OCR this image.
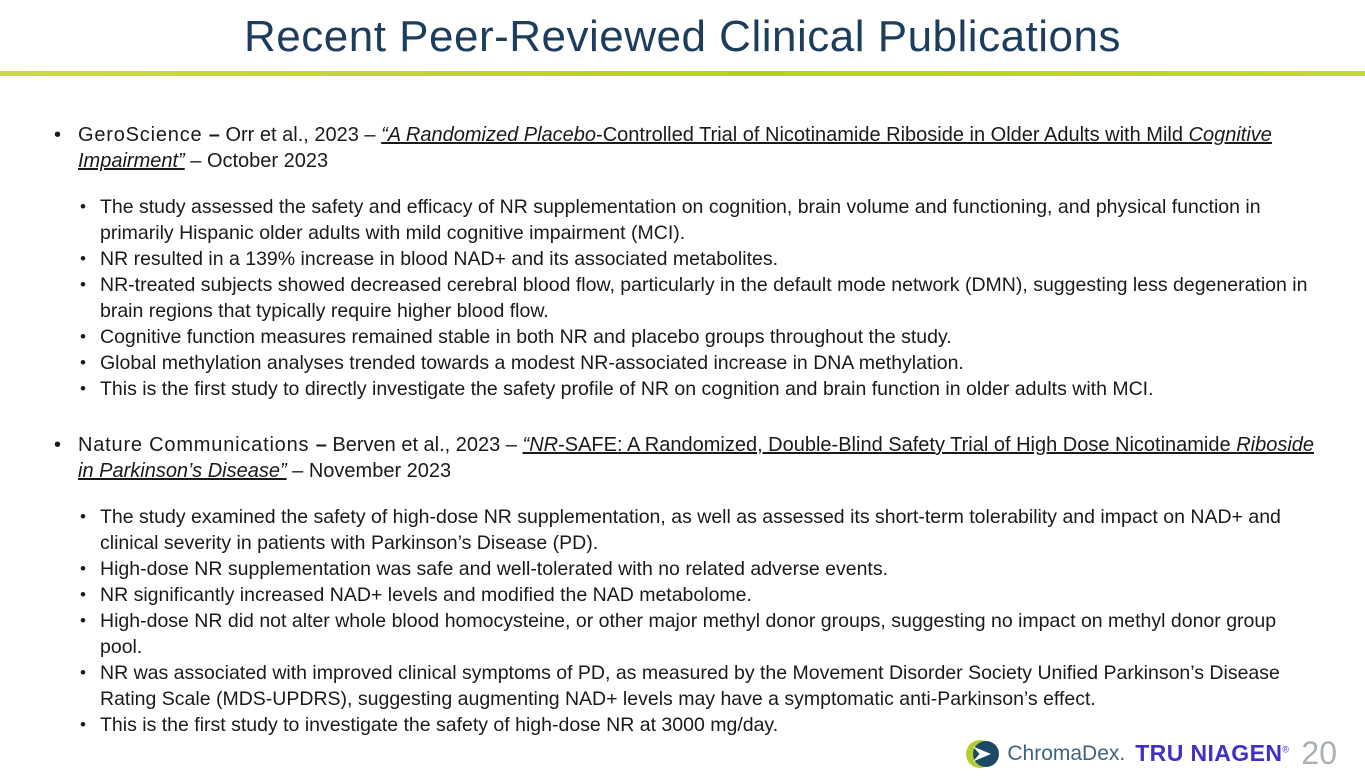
Recent Peer-Reviewed Clinical Publications

• GeroScience – Orr et al., 2023 – “A Randomized Placebo-Controlled Trial of Nicotinamide Riboside in Older Adults with Mild Cognitive Impairment” – October 2023

• The study assessed the safety and efficacy of NR supplementation on cognition, brain volume and functioning, and physical function in primarily Hispanic older adults with mild cognitive impairment (MCI).
• NR resulted in a 139% increase in blood NAD+ and its associated metabolites.
• NR-treated subjects showed decreased cerebral blood flow, particularly in the default mode network (DMN), suggesting less degeneration in brain regions that typically require higher blood flow.
• Cognitive function measures remained stable in both NR and placebo groups throughout the study.
• Global methylation analyses trended towards a modest NR-associated increase in DNA methylation.
• This is the first study to directly investigate the safety profile of NR on cognition and brain function in older adults with MCI.

• Nature Communications – Berven et al., 2023 – “NR-SAFE: A Randomized, Double-Blind Safety Trial of High Dose Nicotinamide Riboside in Parkinson’s Disease” – November 2023

• The study examined the safety of high-dose NR supplementation, as well as assessed its short-term tolerability and impact on NAD+ and clinical severity in patients with Parkinson’s Disease (PD).
• High-dose NR supplementation was safe and well-tolerated with no related adverse events.
• NR significantly increased NAD+ levels and modified the NAD metabolome.
• High-dose NR did not alter whole blood homocysteine, or other major methyl donor groups, suggesting no impact on methyl donor group pool.
• NR was associated with improved clinical symptoms of PD, as measured by the Movement Disorder Society Unified Parkinson’s Disease Rating Scale (MDS-UPDRS), suggesting augmenting NAD+ levels may have a symptomatic anti-Parkinson’s effect.
• This is the first study to investigate the safety of high-dose NR at 3000 mg/day.
ChromaDex. TRU NIAGEN® 20
